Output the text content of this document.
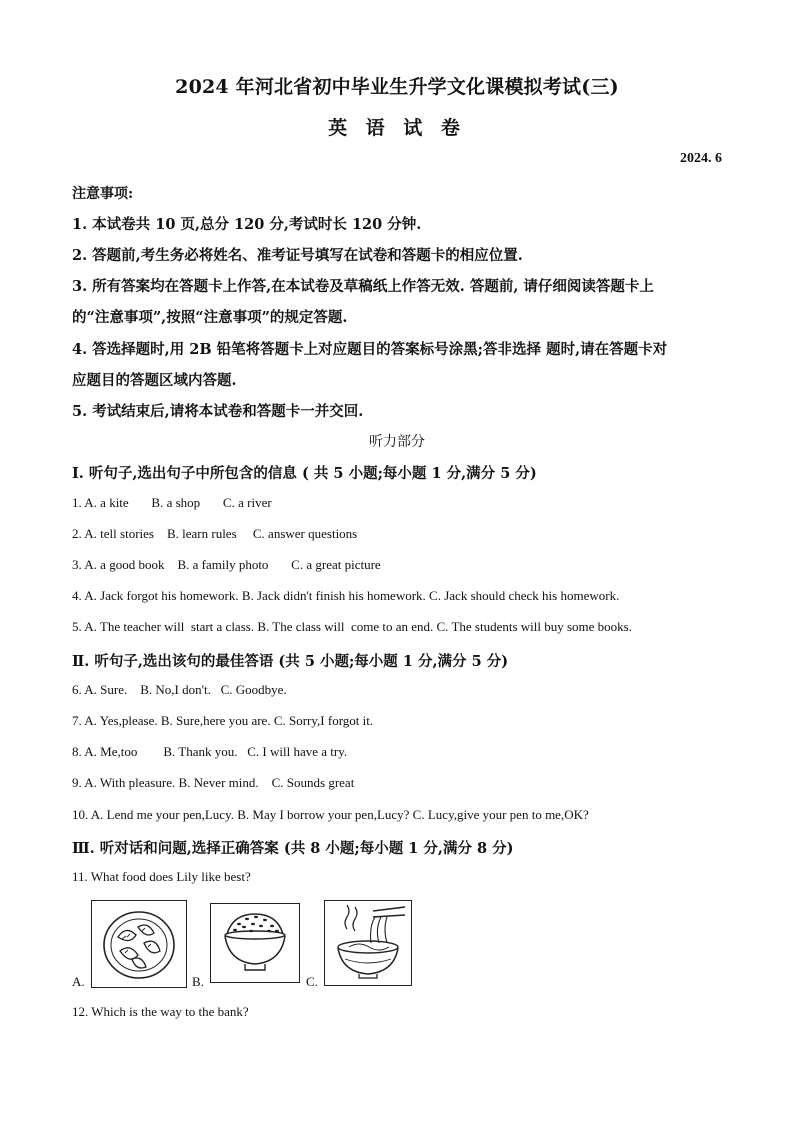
2024 年河北省初中毕业生升学文化课模拟考试(三)
英 语 试 卷
2024. 6
注意事项:
1. 本试卷共 10 页,总分 120 分,考试时长 120 分钟.
2. 答题前,考生务必将姓名、准考证号填写在试卷和答题卡的相应位置.
3. 所有答案均在答题卡上作答,在本试卷及草稿纸上作答无效. 答题前, 请仔细阅读答题卡上
的“注意事项”,按照“注意事项”的规定答题.
4. 答选择题时,用 2B 铅笔将答题卡上对应题目的答案标号涂黑;答非选择 题时,请在答题卡对
应题目的答题区域内答题.
5. 考试结束后,请将本试卷和答题卡一并交回.
听力部分
I. 听句子,选出句子中所包含的信息 ( 共 5 小题;每小题 1 分,满分 5 分)
1. A. a kite       B. a shop       C. a river
2. A. tell stories    B. learn rules     C. answer questions
3. A. a good book    B. a family photo       C. a great picture
4. A. Jack forgot his homework. B. Jack didn't finish his homework. C. Jack should check his homework.
5. A. The teacher will  start a class. B. The class will  come to an end. C. The students will buy some books.
Ⅱ. 听句子,选出该句的最佳答语 (共 5 小题;每小题 1 分,满分 5 分)
6. A. Sure.    B. No,I don't.   C. Goodbye.
7. A. Yes,please. B. Sure,here you are. C. Sorry,I forgot it.
8. A. Me,too        B. Thank you.   C. I will have a try.
9. A. With pleasure. B. Never mind.    C. Sounds great
10. A. Lend me your pen,Lucy. B. May I borrow your pen,Lucy? C. Lucy,give your pen to me,OK?
Ⅲ. 听对话和问题,选择正确答案 (共 8 小题;每小题 1 分,满分 8 分)
11. What food does Lily like best?
A.	B.	C.
12. Which is the way to the bank?
